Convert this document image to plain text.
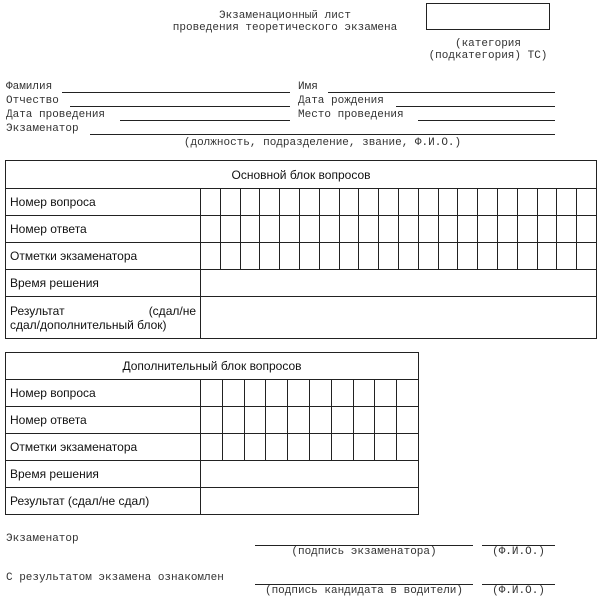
Экзаменационный лист
проведения теоретического экзамена
(категория
(подкатегория) ТС)
Фамилия	Имя
Отчество	Дата рождения
Дата проведения	Место проведения
Экзаменатор
(должность, подразделение, звание, Ф.И.О.)
Основной блок вопросов																				
Номер вопроса																				
Номер ответа																				
Отметки экзаменатора																				
Время решения																				

Результат (сдал/не
сдал/дополнительный блок)																				

Дополнительный блок вопросов										
Номер вопроса										
Номер ответа										
Отметки экзаменатора										
Время решения										
Результат (сдал/не сдал)										
Экзаменатор
(подпись экзаменатора)	(Ф.И.О.)
С результатом экзамена ознакомлен
(подпись кандидата в водители)	(Ф.И.О.)
